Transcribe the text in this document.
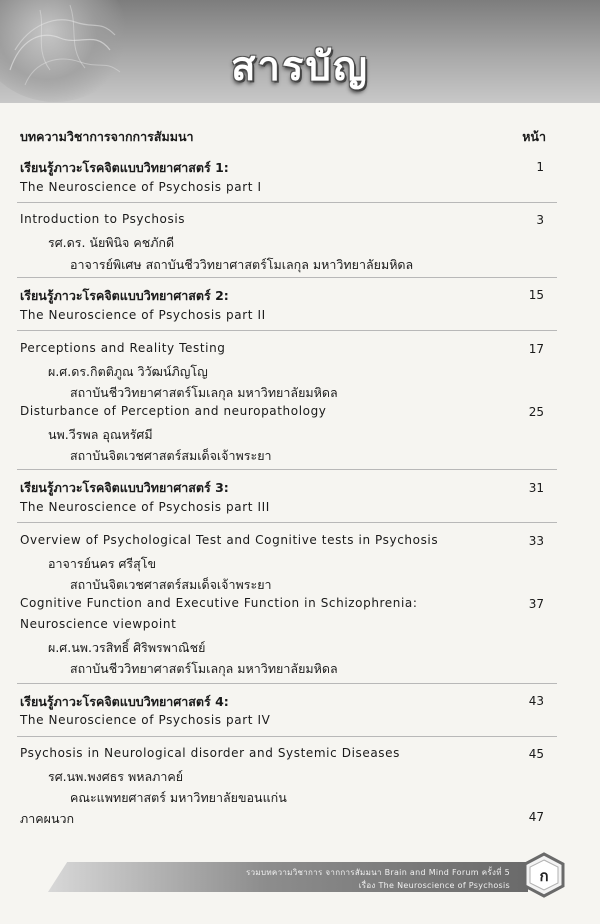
สารบัญ
บทความวิชาการจากการสัมมนา	หน้า
เรียนรู้ภาวะโรคจิตแบบวิทยาศาสตร์ 1:	1
The Neuroscience of Psychosis part I
Introduction to Psychosis	3
รศ.ดร. นัยพินิจ คชภักดี
อาจารย์พิเศษ สถาบันชีววิทยาศาสตร์โมเลกุล มหาวิทยาลัยมหิดล
เรียนรู้ภาวะโรคจิตแบบวิทยาศาสตร์ 2:	15
The Neuroscience of Psychosis part II
Perceptions and Reality Testing	17
ผ.ศ.ดร.กิตติภูณ วิวัฒน์ภิญโญ
สถาบันชีววิทยาศาสตร์โมเลกุล มหาวิทยาลัยมหิดล
Disturbance of Perception and neuropathology	25
นพ.วีรพล อุณหรัศมี
สถาบันจิตเวชศาสตร์สมเด็จเจ้าพระยา
เรียนรู้ภาวะโรคจิตแบบวิทยาศาสตร์ 3:	31
The Neuroscience of Psychosis part III
Overview of Psychological Test and Cognitive tests in Psychosis	33
อาจารย์นคร ศรีสุโข
สถาบันจิตเวชศาสตร์สมเด็จเจ้าพระยา
Cognitive Function and Executive Function in Schizophrenia:	37
Neuroscience viewpoint
ผ.ศ.นพ.วรสิทธิ์ ศิริพรพาณิชย์
สถาบันชีววิทยาศาสตร์โมเลกุล มหาวิทยาลัยมหิดล
เรียนรู้ภาวะโรคจิตแบบวิทยาศาสตร์ 4:	43
The Neuroscience of Psychosis part IV
Psychosis in Neurological disorder and Systemic Diseases	45
รศ.นพ.พงศธร พหลภาคย์
คณะแพทยศาสตร์ มหาวิทยาลัยขอนแก่น
ภาคผนวก	47
รวมบทความวิชาการ จากการสัมมนา Brain and Mind Forum ครั้งที่ 5
เรื่อง The Neuroscience of Psychosis
ก
